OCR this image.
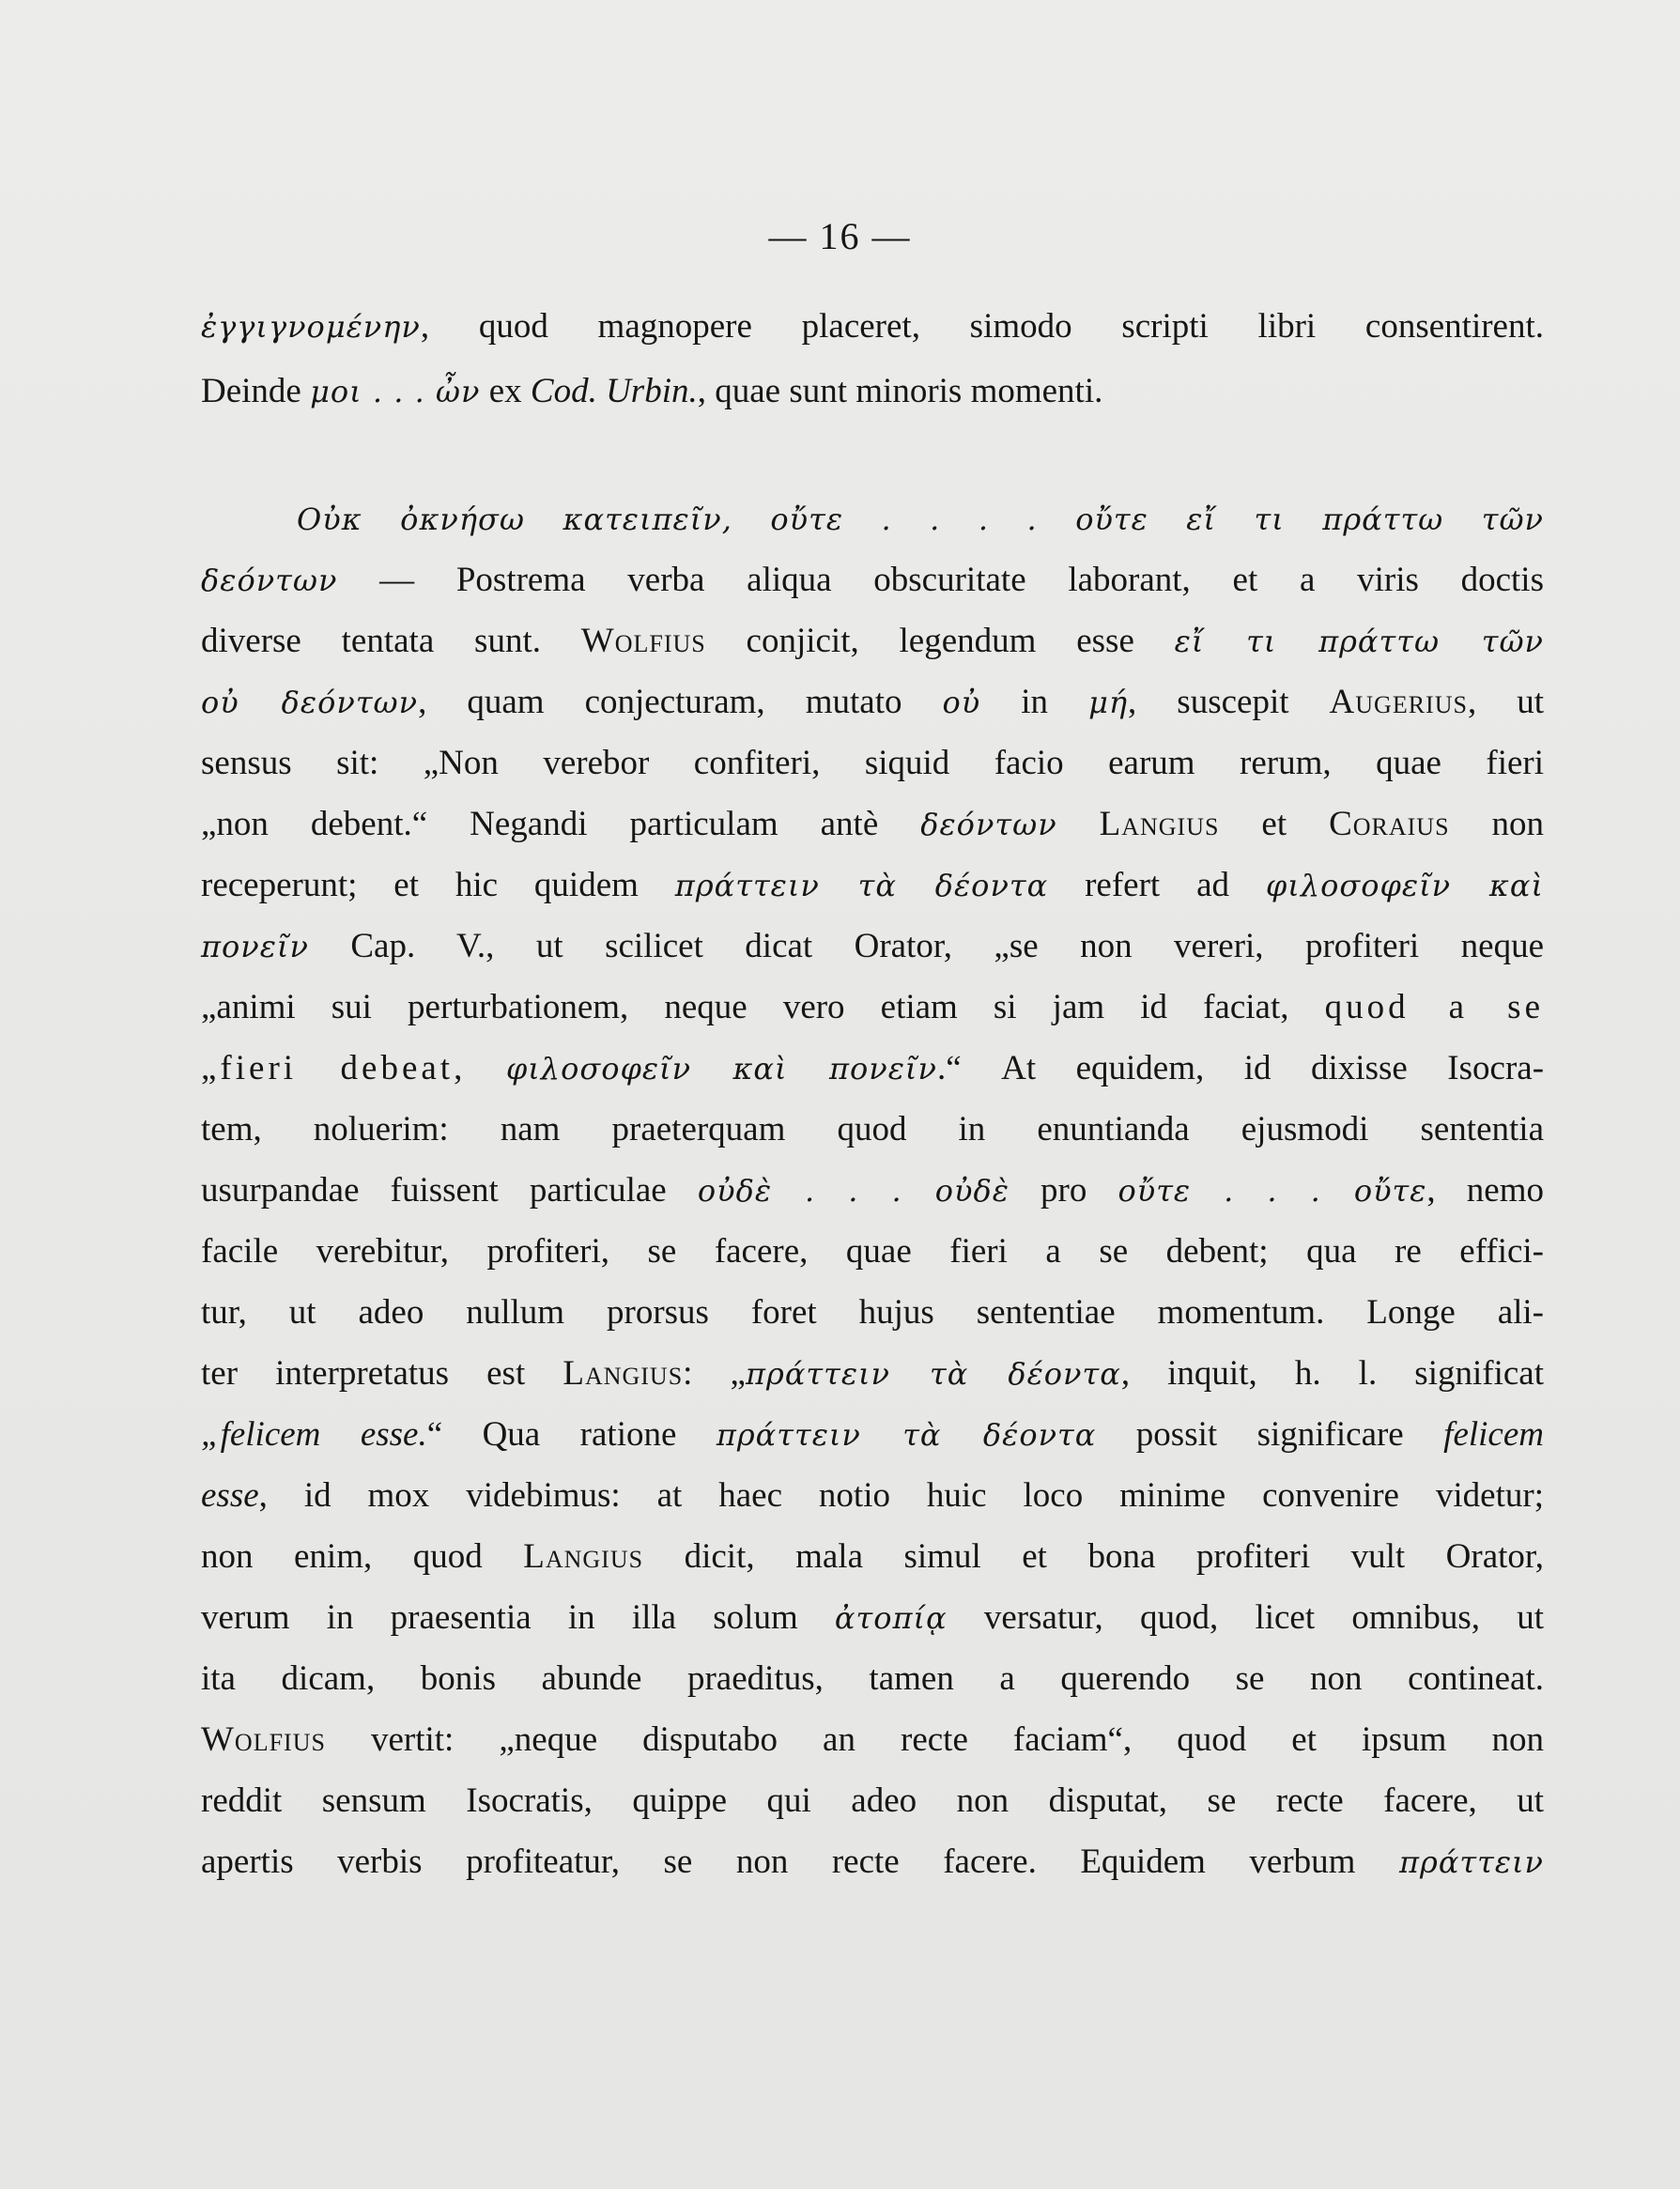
— 16 —
ἐγγιγνομένην, quod magnopere placeret, simodo scripti libri consentirent.
Deinde μοι . . . ὦν ex Cod. Urbin., quae sunt minoris momenti.
Οὐκ ὀκνήσω κατειπεῖν, οὔτε . . . . οὔτε εἴ τι πράττω τῶν
δεόντων — Postrema verba aliqua obscuritate laborant, et a viris doctis
diverse tentata sunt. Wolfius conjicit, legendum esse εἴ τι πράττω τῶν
οὐ δεόντων, quam conjecturam, mutato οὐ in μή, suscepit Augerius, ut
sensus sit: „Non verebor confiteri, siquid facio earum rerum, quae fieri
„non debent.“ Negandi particulam antè δεόντων Langius et Coraius non
receperunt; et hic quidem πράττειν τὰ δέοντα refert ad φιλοσοφεῖν καὶ
πονεῖν Cap. V., ut scilicet dicat Orator, „se non vereri, profiteri neque
„animi sui perturbationem, neque vero etiam si jam id faciat, quod a se
„fieri debeat, φιλοσοφεῖν καὶ πονεῖν.“ At equidem, id dixisse Isocra-
tem, noluerim: nam praeterquam quod in enuntianda ejusmodi sententia
usurpandae fuissent particulae οὐδὲ . . . οὐδὲ pro οὔτε . . . οὔτε, nemo
facile verebitur, profiteri, se facere, quae fieri a se debent; qua re effici-
tur, ut adeo nullum prorsus foret hujus sententiae momentum. Longe ali-
ter interpretatus est Langius: „πράττειν τὰ δέοντα, inquit, h. l. significat
„felicem esse.“ Qua ratione πράττειν τὰ δέοντα possit significare felicem
esse, id mox videbimus: at haec notio huic loco minime convenire videtur;
non enim, quod Langius dicit, mala simul et bona profiteri vult Orator,
verum in praesentia in illa solum ἀτοπίᾳ versatur, quod, licet omnibus, ut
ita dicam, bonis abunde praeditus, tamen a querendo se non contineat.
Wolfius vertit: „neque disputabo an recte faciam“, quod et ipsum non
reddit sensum Isocratis, quippe qui adeo non disputat, se recte facere, ut
apertis verbis profiteatur, se non recte facere. Equidem verbum πράττειν
